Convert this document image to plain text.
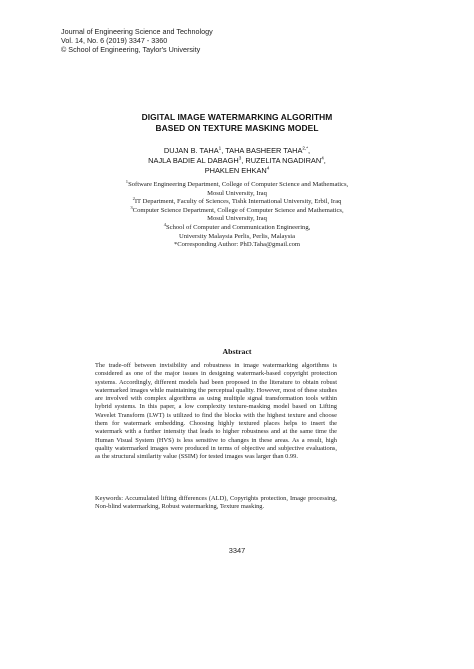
Journal of Engineering Science and Technology
Vol. 14, No. 6 (2019) 3347 - 3360
© School of Engineering, Taylor's University
DIGITAL IMAGE WATERMARKING ALGORITHM
BASED ON TEXTURE MASKING MODEL
DUJAN B. TAHA$^1$, TAHA BASHEER $TAHA^{2,*}$,
NAJLA BADIE AL DABAGH$^3$, RUZELITA NGADIRAN$^4$,
PHAKLEN EHKAN$^4$
$^1$Software Engineering Department, College of Computer Science and Mathematics,
Mosul University, Iraq
$^2$IT Department, Faculty of Sciences, Tishk International University, Erbil, Iraq
$^3$Computer Science Department, College of Computer Science and Mathematics,
Mosul University, Iraq
$^4$School of Computer and Communication Engineering,
University Malaysia Perlis, Perlis, Malaysia
*Corresponding Author: PhD.Taha@gmail.com
Abstract

The trade-off between invisibility and robustness in image watermarking algorithms is considered as one of the major issues in designing watermark-based copyright protection systems. Accordingly, different models had been proposed in the literature to obtain robust watermarked images while maintaining the perceptual quality. However, most of these studies are involved with complex algorithms as using multiple signal transformation tools within hybrid systems. In this paper, a low complexity texture-masking model based on Lifting Wavelet Transform (LWT) is utilized to find the blocks with the highest texture and choose them for watermark embedding. Choosing highly textured places helps to insert the watermark with a further intensity that leads to higher robustness and at the same time the Human Visual System (HVS) is less sensitive to changes in these areas. As a result, high quality watermarked images were produced in terms of objective and subjective evaluations, as the structural similarity value (SSIM) for tested images was larger than 0.99.

Keywords: Accumulated lifting differences (ALD), Copyrights protection, Image processing, Non-blind watermarking, Robust watermarking, Texture masking.
3347
